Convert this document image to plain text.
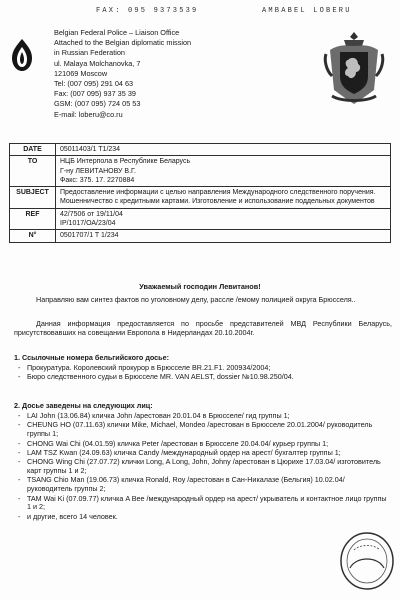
FAX: 095 9373539	AMBABEL LOBERU
Belgian Federal Police – Liaison Office
Attached to the Belgian diplomatic mission
in Russian Federation
ul. Malaya Molchanovka, 7
121069 Moscow
Tel: (007 095) 291 04 63
Fax: (007 095) 937 35 39
GSM: (007 095) 724 05 53
E-mail: loberu@co.ru
DATE	05011403/1 T1/234
TO	НЦБ Интерпола в Республике Беларусь
Г-ну ЛЕВИТАНОВУ В.Г.
Факс: 375. 17. 2270884
SUBJECT	Предоставление информации с целью направления Международного следственного поручения.
Мошенничество с кредитными картами. Изготовление и использование поддельных документов
REF	42/7506 от 19/11/04
IP/1017/ОА/23/04
N°	0501707/1 T 1/234
Уважаемый господин Левитанов!
Направляю вам синтез фактов по уголовному делу, рассле /емому полицией округа Брюсселя..
Данная информация предоставляется по просьбе представителей МВД Республики Беларусь, присутствовавших на совещании Европола в Нидерландах 20.10.2004г.
1. Ссылочные номера бельгийского досье:
- Прокуратура. Королевский прокурор в Брюсселе BR.21.F1. 200934/2004;
- Бюро следственного судьи в Брюсселе MR. VAN AELST, dossier №10.98.250/04.
2. Досье заведены на следующих лиц:
- LAI John (13.06.84) кличка John /арестован 20.01.04 в Брюсселе/ гид группы 1;
- CHEUNG HO (07.11.63) клички Mike, Michael, Mondeo /арестован в Брюсселе 20.01.2004/ руководитель группы 1;
- CHONG Wai Chi (04.01.59) кличка Peter /арестован в Брюсселе 20.04.04/ курьер группы 1;
- LAM TSZ Kwan (24.09.63) кличка Candy /международный ордер на арест/ бухгалтер группы 1;
- CHONG Wing Chi (27.07.72) клички Long, A Long, John, Johny /арестован в Цюрихе 17.03.04/ изготовитель карт группы 1 и 2;
- TSANG Chio Man (19.06.73) кличка Ronald, Roy /арестован в Сан-Никалазе (Бельгия) 10.02.04/ руководитель группы 2;
- TAM Wai Ki (07.09.77) кличка A Bee /международный ордер на арест/ укрыватель и контактное лицо группы 1 и 2;
- и другие, всего 14 человек.
